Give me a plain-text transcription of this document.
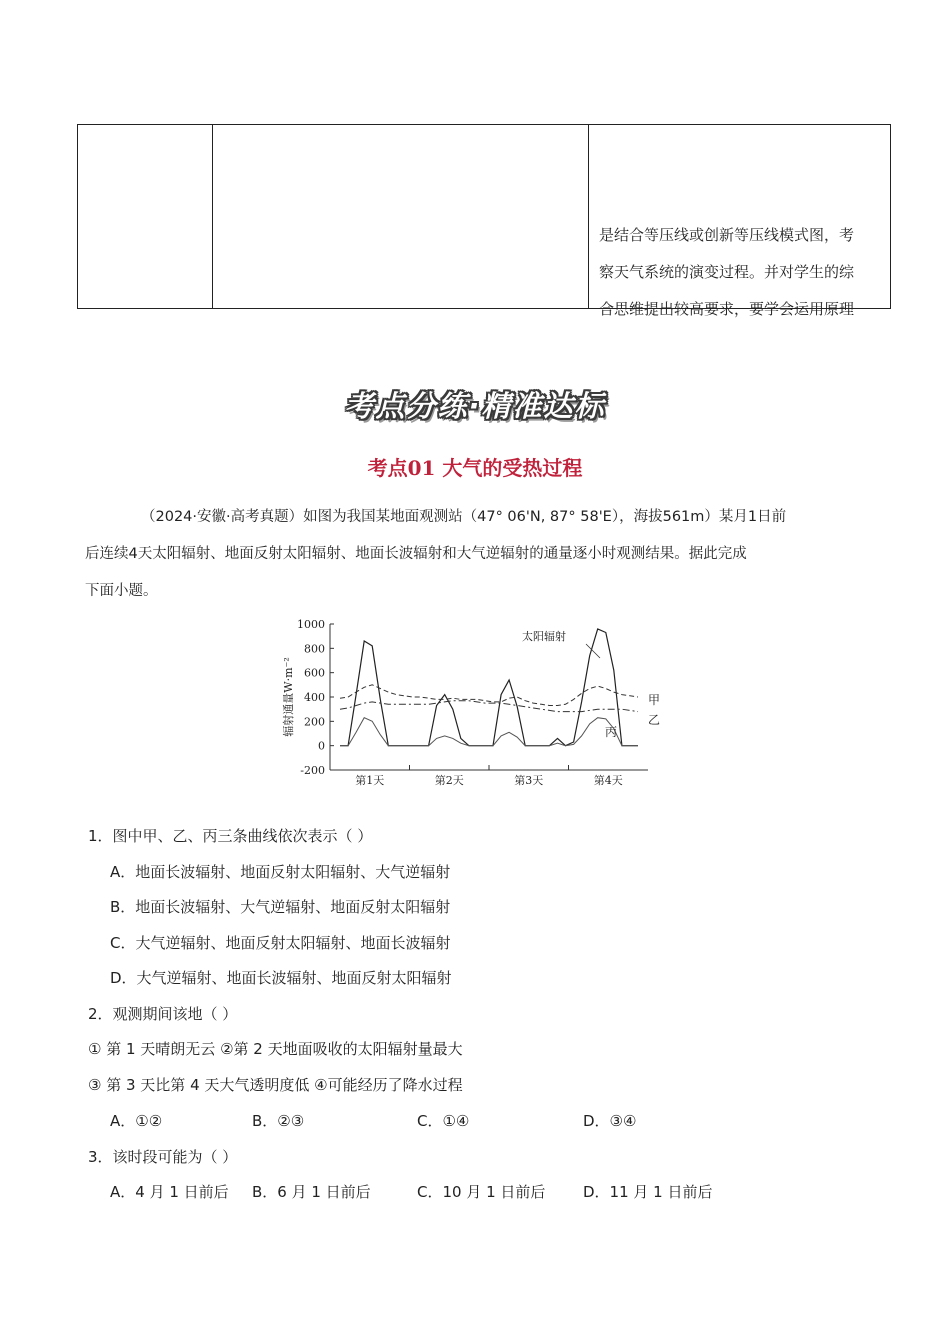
是结合等压线或创新等压线模式图，考
察天气系统的演变过程。并对学生的综
合思维提出较高要求，要学会运用原理
考点分练·精准达标
考点01 大气的受热过程
（2024·安徽·高考真题）如图为我国某地面观测站（47° 06'N, 87° 58'E），海拔561m）某月1日前
后连续4天太阳辐射、地面反射太阳辐射、地面长波辐射和大气逆辐射的通量逐小时观测结果。据此完成
下面小题。
1000
800
600
400
200
0
-200
辐射通量W·m⁻²
第1天	第2天	第3天	第4天
太阳辐射
甲
乙
丙
1．图中甲、乙、丙三条曲线依次表示（ ）
A．地面长波辐射、地面反射太阳辐射、大气逆辐射
B．地面长波辐射、大气逆辐射、地面反射太阳辐射
C．大气逆辐射、地面反射太阳辐射、地面长波辐射
D．大气逆辐射、地面长波辐射、地面反射太阳辐射
2．观测期间该地（ ）
① 第 1 天晴朗无云 ②第 2 天地面吸收的太阳辐射量最大
③ 第 3 天比第 4 天大气透明度低 ④可能经历了降水过程
A．①②	B．②③	C．①④	D．③④
3．该时段可能为（ ）
A．4 月 1 日前后 B．6 月 1 日前后	C．10 月 1 日前后	D．11 月 1 日前后
